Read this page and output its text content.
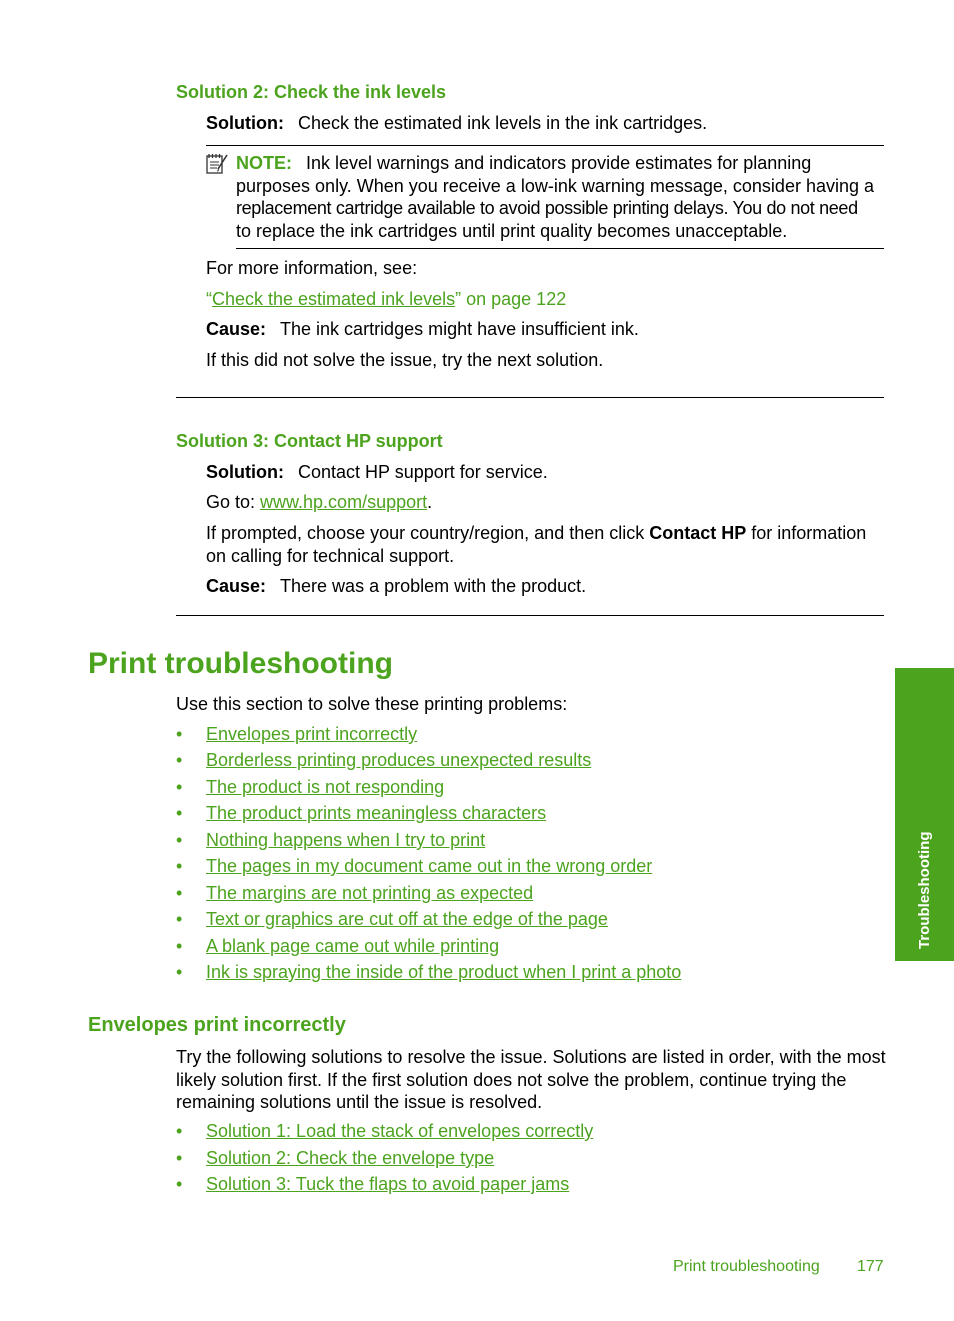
Solution 2: Check the ink levels
Solution: Check the estimated ink levels in the ink cartridges.
NOTE: Ink level warnings and indicators provide estimates for planning
purposes only. When you receive a low-ink warning message, consider having a
replacement cartridge available to avoid possible printing delays. You do not need
to replace the ink cartridges until print quality becomes unacceptable.
For more information, see:
“Check the estimated ink levels” on page 122
Cause: The ink cartridges might have insufficient ink.
If this did not solve the issue, try the next solution.
Solution 3: Contact HP support
Solution: Contact HP support for service.
Go to: www.hp.com/support.
If prompted, choose your country/region, and then click Contact HP for information
on calling for technical support.
Cause: There was a problem with the product.
Print troubleshooting
Use this section to solve these printing problems:
• Envelopes print incorrectly
• Borderless printing produces unexpected results
• The product is not responding
• The product prints meaningless characters
• Nothing happens when I try to print
• The pages in my document came out in the wrong order
• The margins are not printing as expected
• Text or graphics are cut off at the edge of the page
• A blank page came out while printing
• Ink is spraying the inside of the product when I print a photo
Envelopes print incorrectly
Try the following solutions to resolve the issue. Solutions are listed in order, with the most
likely solution first. If the first solution does not solve the problem, continue trying the
remaining solutions until the issue is resolved.
• Solution 1: Load the stack of envelopes correctly
• Solution 2: Check the envelope type
• Solution 3: Tuck the flaps to avoid paper jams
Troubleshooting
Print troubleshooting 177
